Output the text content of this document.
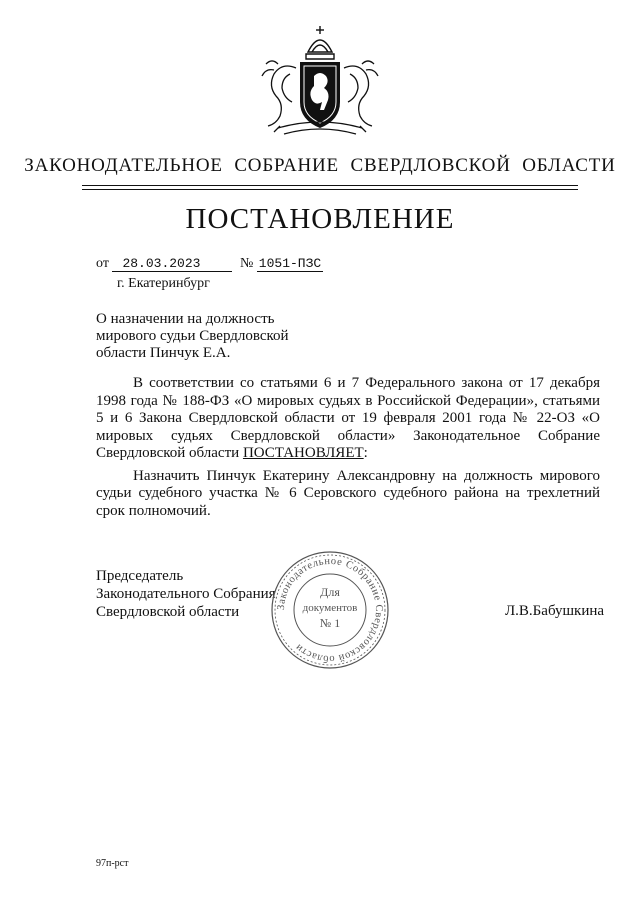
ЗАКОНОДАТЕЛЬНОЕ СОБРАНИЕ СВЕРДЛОВСКОЙ ОБЛАСТИ
ПОСТАНОВЛЕНИЕ
от 28.03.2023	№ 1051-ПЗС
г. Екатеринбург
О назначении на должность
мирового судьи Свердловской
области Пинчук Е.А.

В соответствии со статьями 6 и 7 Федерального закона от 17 декабря 1998 года № 188-ФЗ «О мировых судьях в Российской Федерации», статьями 5 и 6 Закона Свердловской области от 19 февраля 2001 года № 22-ОЗ «О мировых судьях Свердловской области» Законодательное Собрание Свердловской области ПОСТАНОВЛЯЕТ:

Назначить Пинчук Екатерину Александровну на должность мирового судьи судебного участка № 6 Серовского судебного района на трехлетний срок полномочий.

Председатель
Законодательного Собрания
Свердловской области	Законодательное Собрание Свердловской области
Для
документов
№ 1
Л.В.Бабушкина
97п-рст
